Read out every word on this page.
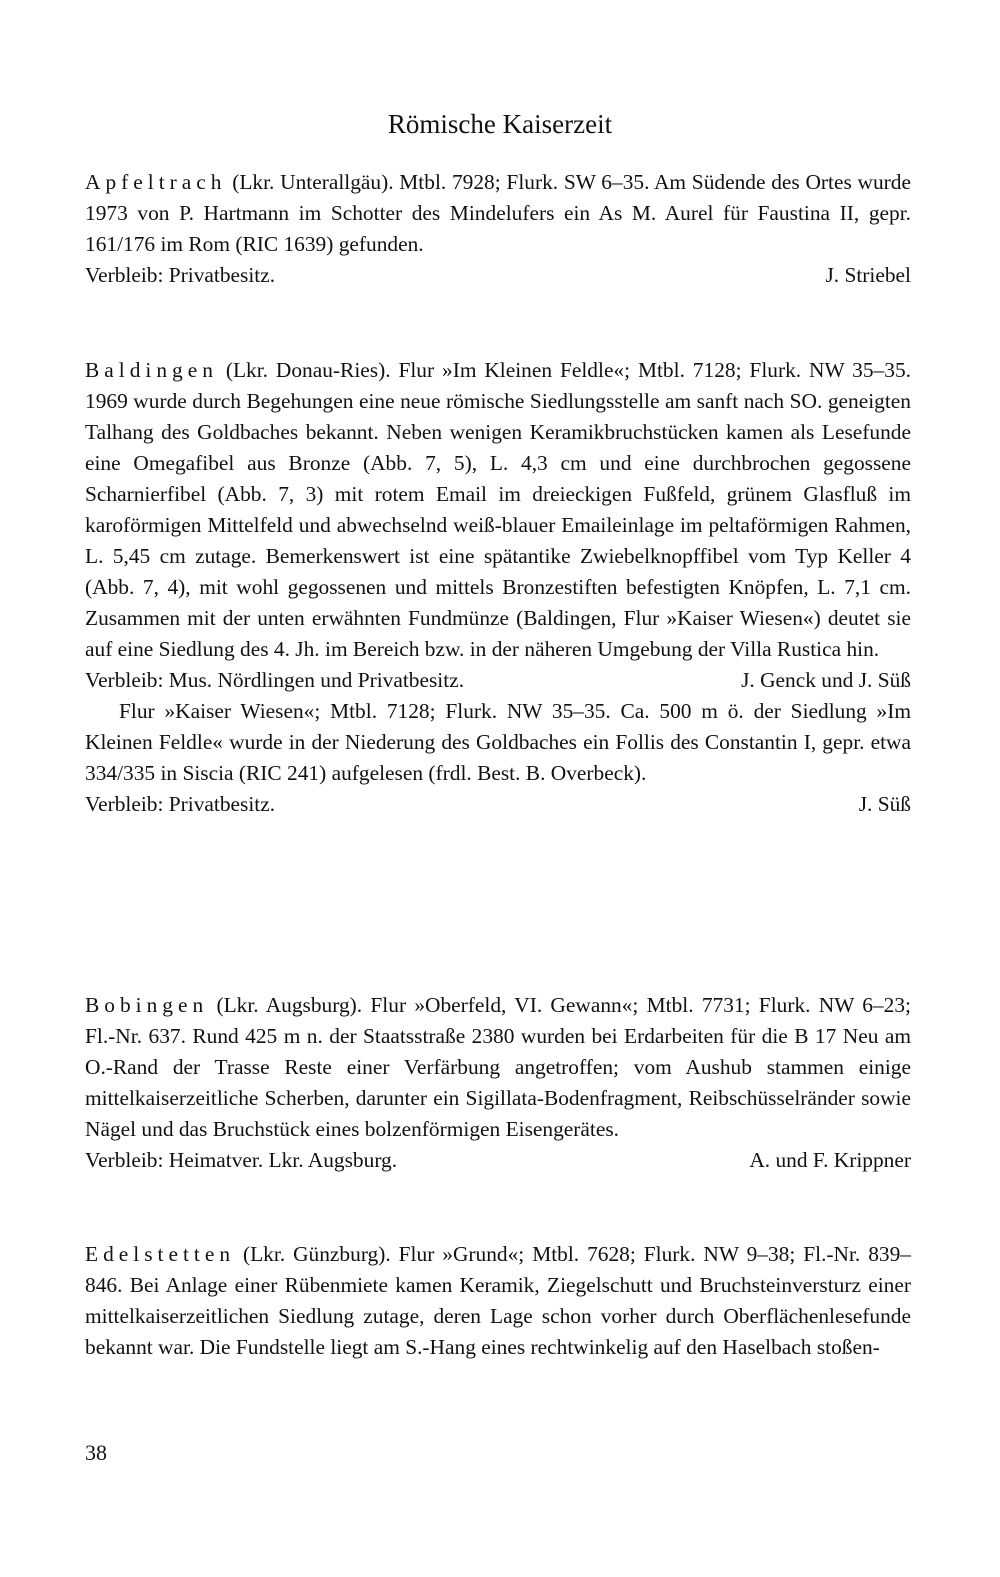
Römische Kaiserzeit

Apfeltrach (Lkr. Unterallgäu). Mtbl. 7928; Flurk. SW 6–35. Am Südende des Ortes wurde 1973 von P. Hartmann im Schotter des Mindelufers ein As M. Aurel für Faustina II, gepr. 161/176 im Rom (RIC 1639) gefunden.

Verbleib: Privatbesitz.	J. Striebel

Baldingen (Lkr. Donau-Ries). Flur »Im Kleinen Feldle«; Mtbl. 7128; Flurk. NW 35–35. 1969 wurde durch Begehungen eine neue römische Siedlungsstelle am sanft nach SO. geneigten Talhang des Goldbaches bekannt. Neben wenigen Keramikbruchstücken kamen als Lesefunde eine Omegafibel aus Bronze (Abb. 7, 5), L. 4,3 cm und eine durchbrochen gegossene Scharnierfibel (Abb. 7, 3) mit rotem Email im dreieckigen Fußfeld, grünem Glasfluß im karoförmigen Mittelfeld und abwechselnd weiß-blauer Emaileinlage im peltaförmigen Rahmen, L. 5,45 cm zutage. Bemerkenswert ist eine spätantike Zwiebelknopffibel vom Typ Keller 4 (Abb. 7, 4), mit wohl gegossenen und mittels Bronzestiften befestigten Knöpfen, L. 7,1 cm. Zusammen mit der unten erwähnten Fundmünze (Baldingen, Flur »Kaiser Wiesen«) deutet sie auf eine Siedlung des 4. Jh. im Bereich bzw. in der näheren Umgebung der Villa Rustica hin.

Verbleib: Mus. Nördlingen und Privatbesitz.	J. Genck und J. Süß

Flur »Kaiser Wiesen«; Mtbl. 7128; Flurk. NW 35–35. Ca. 500 m ö. der Siedlung »Im Kleinen Feldle« wurde in der Niederung des Goldbaches ein Follis des Constantin I, gepr. etwa 334/335 in Siscia (RIC 241) aufgelesen (frdl. Best. B. Overbeck).

Verbleib: Privatbesitz.	J. Süß

Bobingen (Lkr. Augsburg). Flur »Oberfeld, VI. Gewann«; Mtbl. 7731; Flurk. NW 6–23; Fl.-Nr. 637. Rund 425 m n. der Staatsstraße 2380 wurden bei Erdarbeiten für die B 17 Neu am O.-Rand der Trasse Reste einer Verfärbung angetroffen; vom Aushub stammen einige mittelkaiserzeitliche Scherben, darunter ein Sigillata-Bodenfragment, Reibschüsselränder sowie Nägel und das Bruchstück eines bolzenförmigen Eisengerätes.

Verbleib: Heimatver. Lkr. Augsburg.	A. und F. Krippner

Edelstetten (Lkr. Günzburg). Flur »Grund«; Mtbl. 7628; Flurk. NW 9–38; Fl.-Nr. 839–846. Bei Anlage einer Rübenmiete kamen Keramik, Ziegelschutt und Bruchsteinversturz einer mittelkaiserzeitlichen Siedlung zutage, deren Lage schon vorher durch Oberflächenlesefunde bekannt war. Die Fundstelle liegt am S.-Hang eines rechtwinkelig auf den Haselbach stoßen-

38
